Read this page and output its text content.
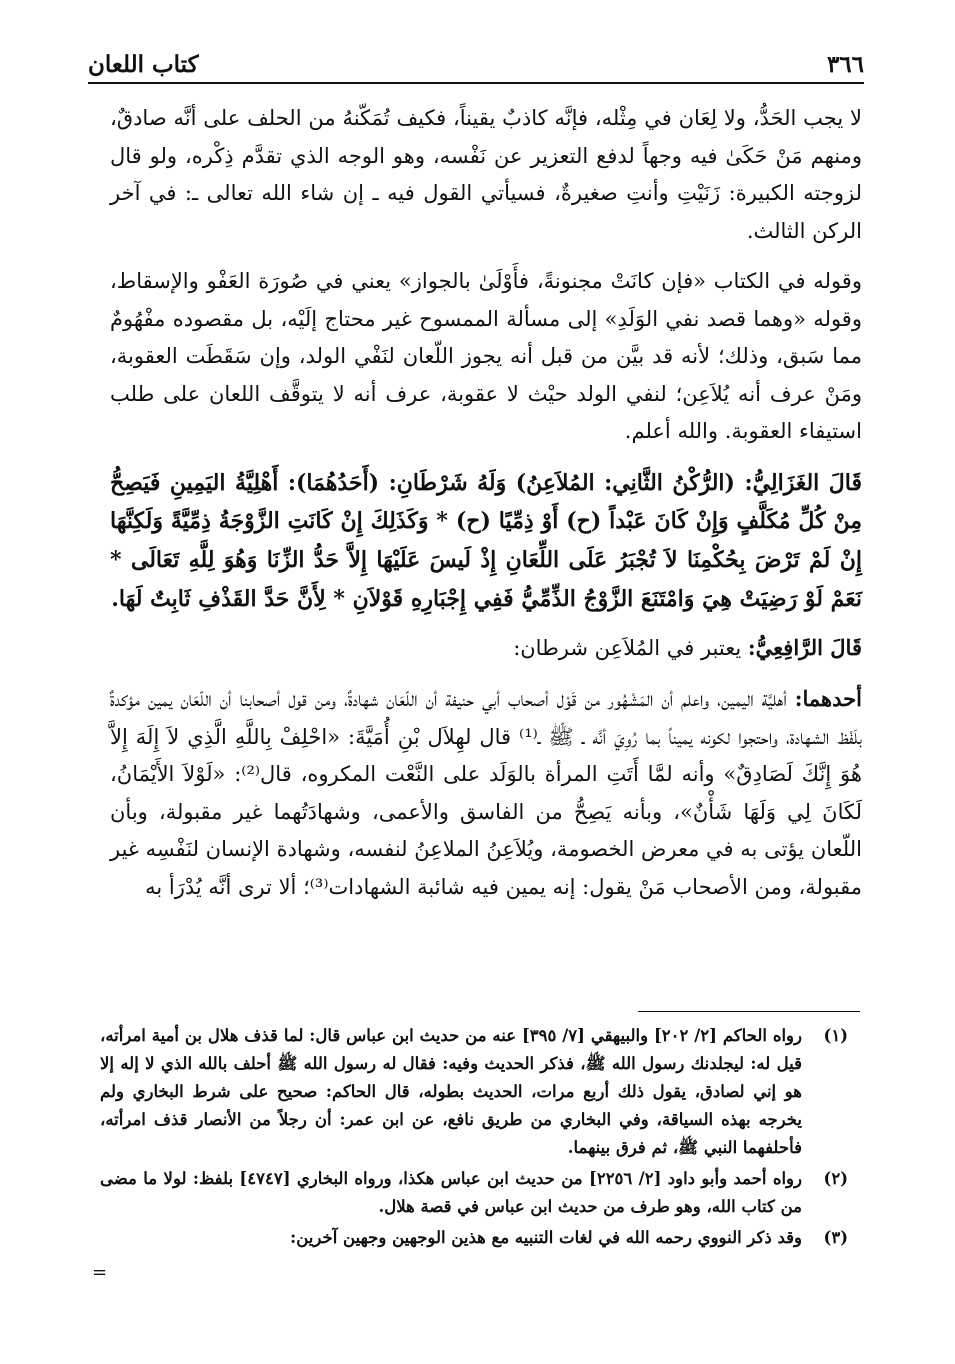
٣٦٦
كتاب اللعان

لا يجب الحَدُّ، ولا لِعَان في مِثْله، فإنَّه كاذبٌ يقيناً، فكيف تُمَكّنهُ من الحلف على أنَّه صادقٌ، ومنهم مَنْ حَكَىٰ فيه وجهاً لدفع التعزير عن نَفْسه، وهو الوجه الذي تقدَّم ذِكْره، ولو قال لزوجته الكبيرة: زَنَيْتِ وأنتِ صغيرةٌ، فسيأتي القول فيه ـ إن شاء الله تعالى ـ: في آخر الركن الثالث.

وقوله في الكتاب «فإن كانَتْ مجنونةً، فأَوْلَىٰ بالجواز» يعني في صُورَة العَفْو والإسقاط، وقوله «وهما قصد نفي الوَلَدِ» إلى مسألة الممسوح غير محتاج إلَيْه، بل مقصوده مفْهُومٌ مما سَبق، وذلك؛ لأنه قد بيَّن من قبل أنه يجوز اللّعان لنَفْي الولد، وإن سَقَطَت العقوبة، ومَنْ عرف أنه يُلاَعِن؛ لنفي الولد حيْث لا عقوبة، عرف أنه لا يتوقَّف اللعان على طلب استيفاء العقوبة. والله أعلم.

قَالَ الغَزَالِيُّ: (الرُّكْنُ الثَّانِي: المُلاَعِنُ) وَلَهُ شَرْطَانِ: (أَحَدُهُمَا): أَهْلِيَّةُ اليَمِينِ فَيَصِحُّ مِنْ كُلِّ مُكَلَّفٍ وَإِنْ كَانَ عَبْداً (ح) أَوْ ذِمِّيًا (ح) * وَكَذَلِكَ إِنْ كَانَتِ الزَّوْجَةُ ذِمِّيَّةً وَلَكِنَّهَا إِنْ لَمْ تَرْضَ بِحُكْمِنَا لاَ تُجْبَرُ عَلَى اللِّعَانِ إِذْ لَيسَ عَلَيْهَا إِلاَّ حَدُّ الزِّنَا وَهُوَ لِلَّهِ تَعَالَى * نَعَمْ لَوْ رَضِيَتْ هِيَ وَامْتَنَعَ الزَّوْجُ الذِّمِّيُّ فَفِي إِجْبَارِهِ قَوْلاَنِ * لِأَنَّ حَدَّ القَذْفِ ثَابِتٌ لَهَا.

قَالَ الرَّافِعِيُّ: يعتبر في المُلاَعِن شرطان:

أحدهما: أهليَّة اليمين، واعلم أن المَشْهُور من قَوْل أصحاب أبي حنيفة أن اللّعَان شهادةٌ، ومن قول أصحابنا أن اللّعَان يمين مؤكدةٌ بلَفْظ الشهادة، واحتجوا لكونه يميناً بما رُوِيَ أنَّه ـ ﷺ ـ⁽¹⁾ قال لهِلاَل بْنِ أُمَيَّةَ: «احْلِفْ بِاللَّهِ الَّذِي لاَ إِلَهَ إِلاَّ هُوَ إِنَّكَ لَصَادِقٌ» وأنه لمَّا أَتَتِ المرأة بالوَلَد على النَّعْت المكروه، قال⁽²⁾: «لَوْلاَ الأَيْمَانُ، لَكَانَ لِي وَلَهَا شَأْنٌ»، وبأنه يَصِحُّ من الفاسق والأعمى، وشهادَتُهما غير مقبولة، وبأن اللّعان يؤتى به في معرض الخصومة، ويُلاَعِنُ الملاعِنُ لنفسه، وشهادة الإنسان لنَفْسِه غير مقبولة، ومن الأصحاب مَنْ يقول: إنه يمين فيه شائبة الشهادات⁽³⁾؛ ألا ترى أنَّه يُدْرَأ به

(١)
رواه الحاكم [٢/ ٢٠٢] والبيهقي [٧/ ٣٩٥] عنه من حديث ابن عباس قال: لما قذف هلال بن أمية امرأته، قيل له: ليجلدنك رسول الله ﷺ، فذكر الحديث وفيه: فقال له رسول الله ﷺ أحلف بالله الذي لا إله إلا هو إني لصادق، يقول ذلك أربع مرات، الحديث بطوله، قال الحاكم: صحيح على شرط البخاري ولم يخرجه بهذه السياقة، وفي البخاري من طريق نافع، عن ابن عمر: أن رجلاً من الأنصار قذف امرأته، فأحلفهما النبي ﷺ، ثم فرق بينهما.
(٢)
رواه أحمد وأبو داود [٢/ ٢٢٥٦] من حديث ابن عباس هكذا، ورواه البخاري [٤٧٤٧] بلفظ: لولا ما مضى من كتاب الله، وهو طرف من حديث ابن عباس في قصة هلال.
(٣)
وقد ذكر النووي رحمه الله في لغات التنبيه مع هذين الوجهين وجهين آخرين:
=
